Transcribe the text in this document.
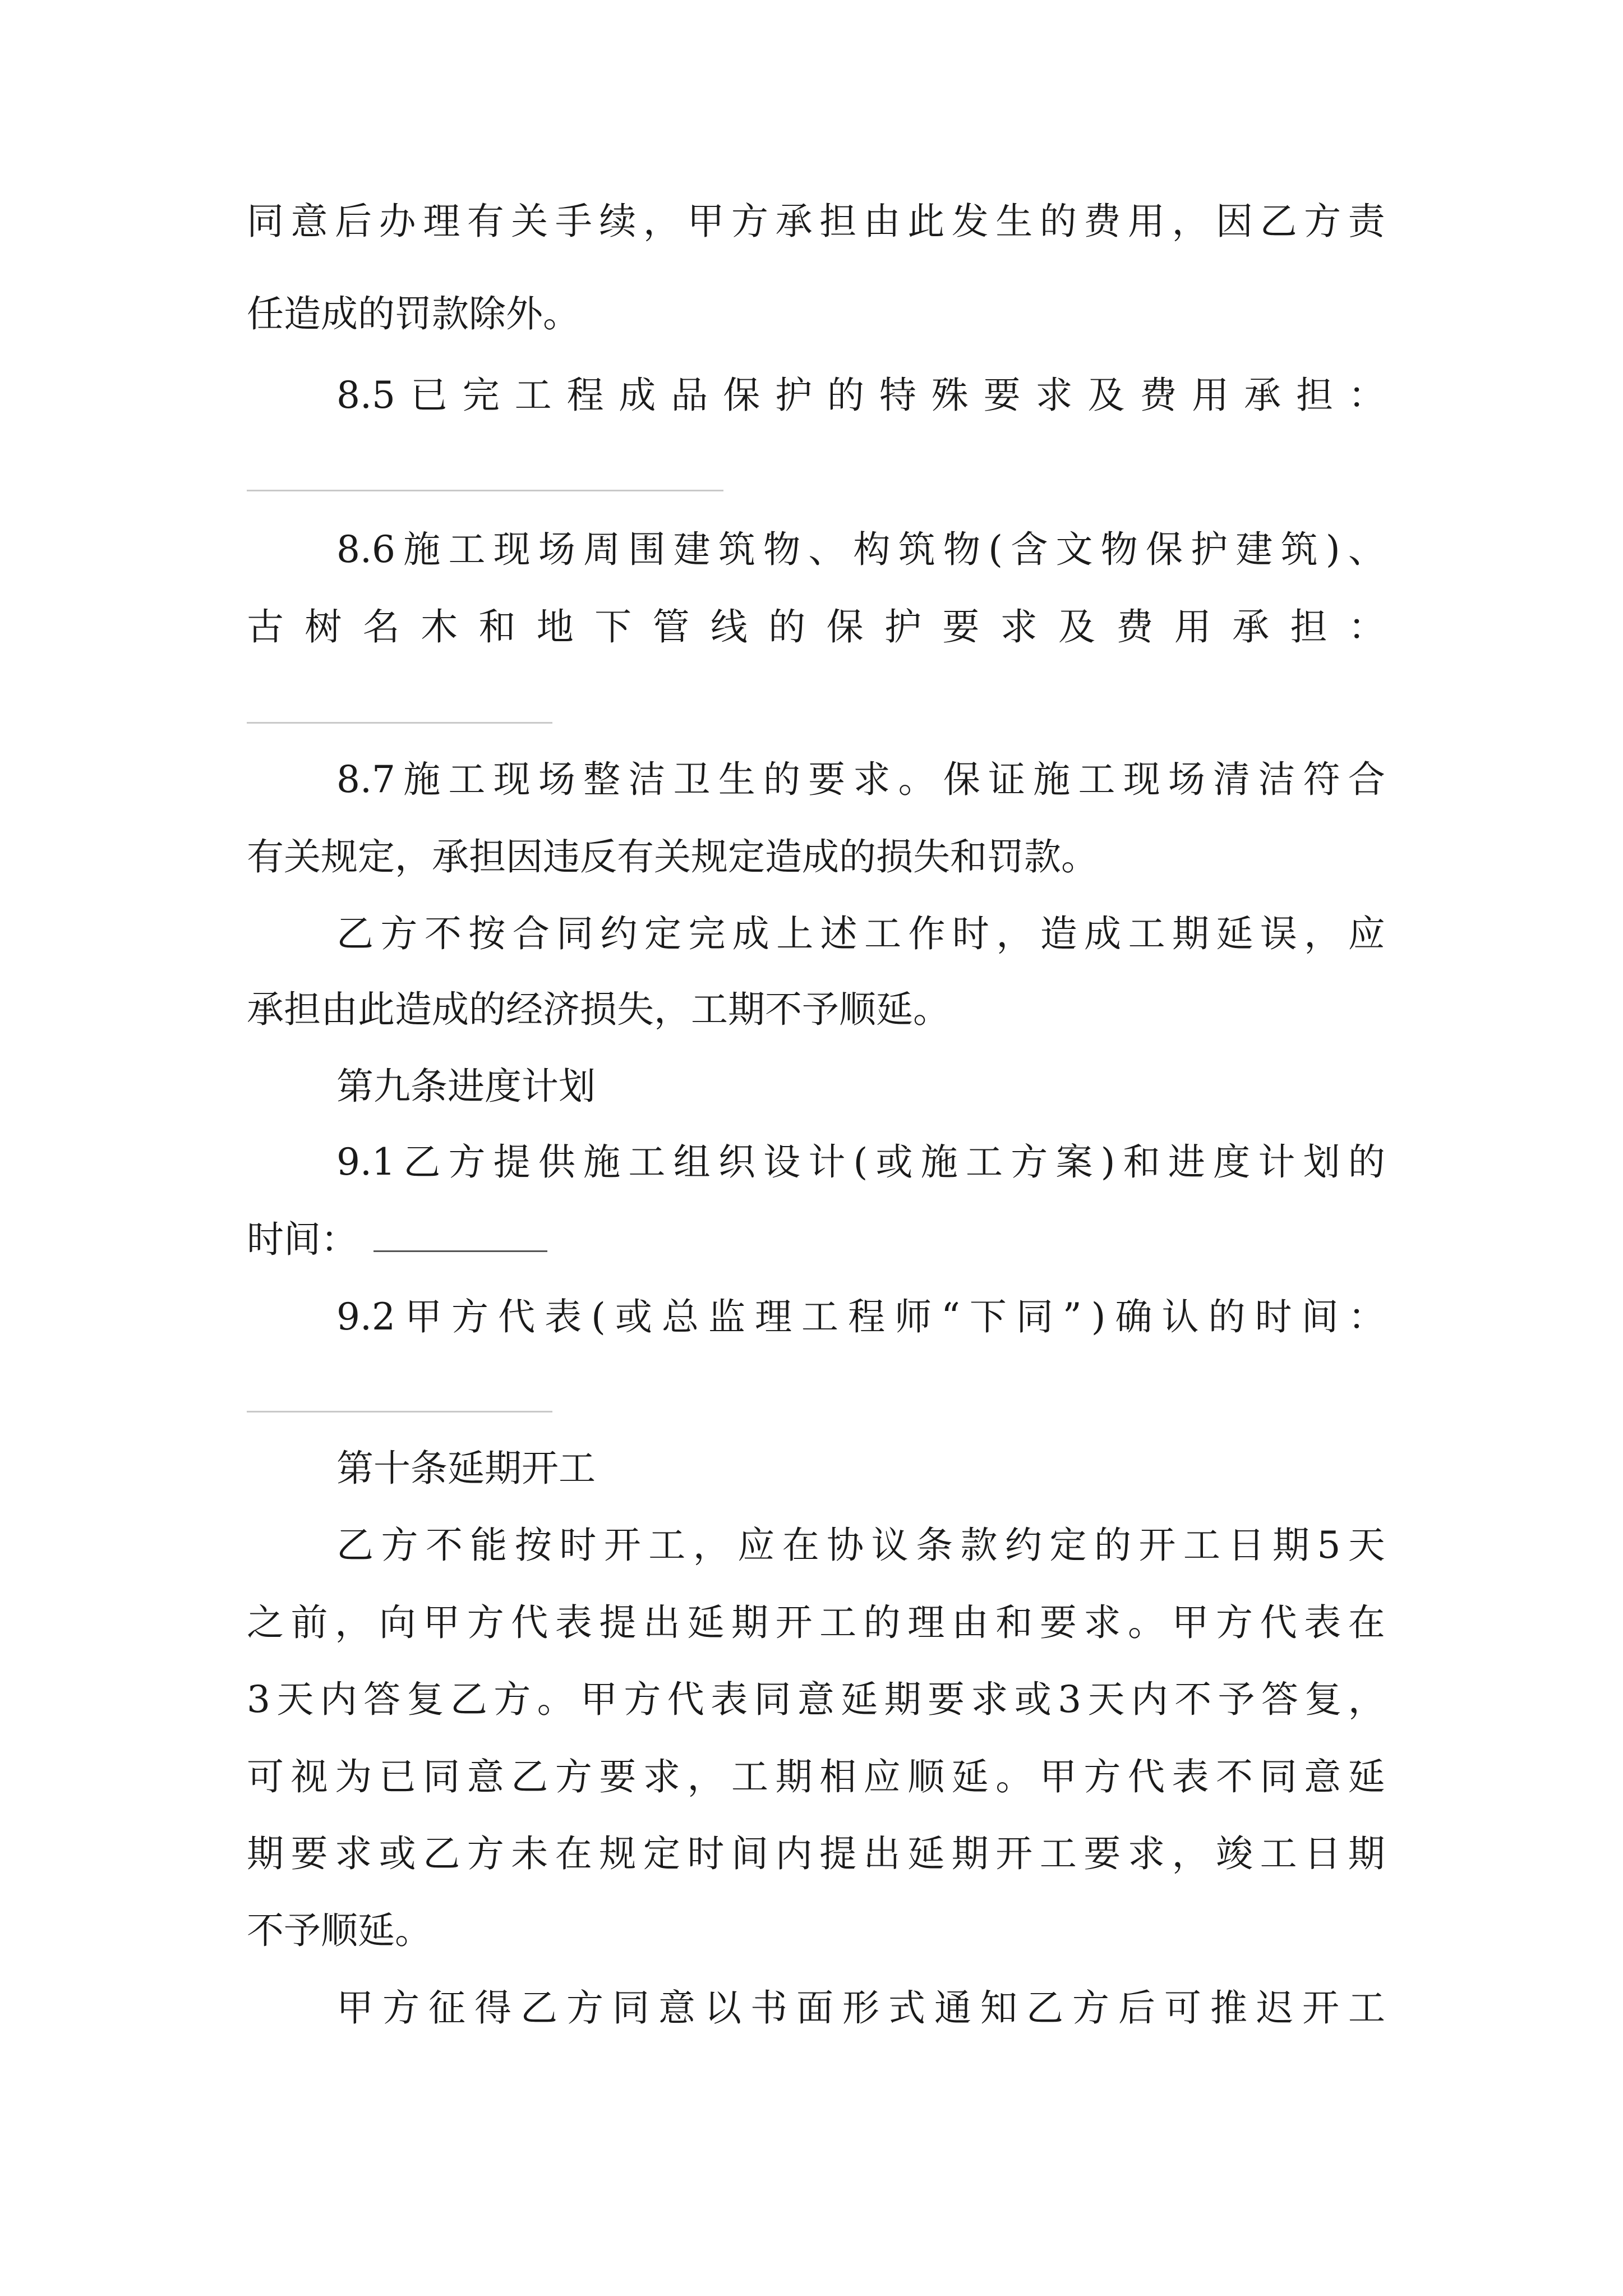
同 意 后 办 理 有 关 手 续 ， 甲 方 承 担 由 此 发 生 的 费 用 ， 因 乙 方 责
任造成的罚款除外。
8.5 已 完 工 程 成 品 保 护 的 特 殊 要 求 及 费 用 承 担 ：
8.6 施 工 现 场 周 围 建 筑 物 、 构 筑 物 ( 含 文 物 保 护 建 筑 ) 、
古 树 名 木 和 地 下 管 线 的 保 护 要 求 及 费 用 承 担 ：
8.7 施 工 现 场 整 洁 卫 生 的 要 求 。 保 证 施 工 现 场 清 洁 符 合
有关规定，承担因违反有关规定造成的损失和罚款。
乙 方 不 按 合 同 约 定 完 成 上 述 工 作 时 ， 造 成 工 期 延 误 ， 应
承担由此造成的经济损失，工期不予顺延。
第九条进度计划
9.1 乙 方 提 供 施 工 组 织 设 计 ( 或 施 工 方 案 ) 和 进 度 计 划 的
时间：
9.2 甲 方 代 表 ( 或 总 监 理 工 程 师 “ 下 同 ” ) 确 认 的 时 间 ：
第十条延期开工
乙 方 不 能 按 时 开 工 ， 应 在 协 议 条 款 约 定 的 开 工 日 期 5 天
之 前 ， 向 甲 方 代 表 提 出 延 期 开 工 的 理 由 和 要 求 。 甲 方 代 表 在
3 天 内 答 复 乙 方 。 甲 方 代 表 同 意 延 期 要 求 或 3 天 内 不 予 答 复 ，
可 视 为 已 同 意 乙 方 要 求 ， 工 期 相 应 顺 延 。 甲 方 代 表 不 同 意 延
期 要 求 或 乙 方 未 在 规 定 时 间 内 提 出 延 期 开 工 要 求 ， 竣 工 日 期
不予顺延。
甲 方 征 得 乙 方 同 意 以 书 面 形 式 通 知 乙 方 后 可 推 迟 开 工
